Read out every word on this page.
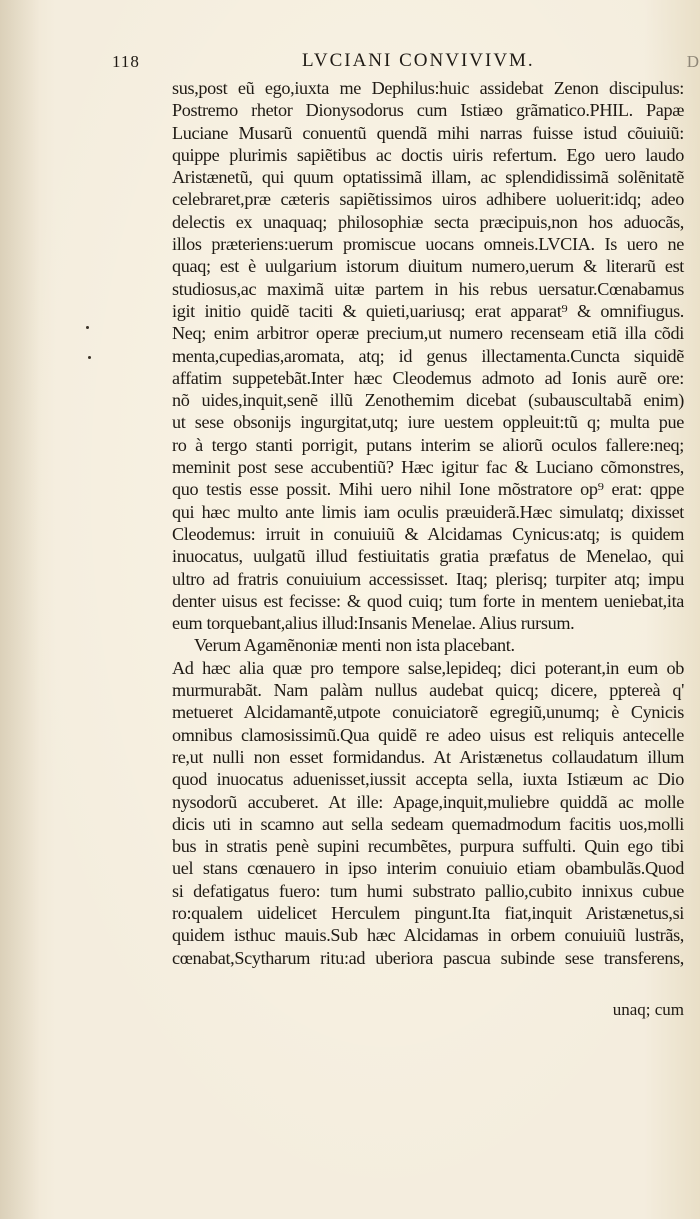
118	LVCIANI CONVIVIVM.	D
sus,post eũ ego,iuxta me Dephilus:huic assidebat Zenon discipulus:
Postremo rhetor Dionysodorus cum Istiæo grãmatico.PHIL. Papæ
Luciane Musarũ conuentũ quendã mihi narras fuisse istud cõuiuiũ:
quippe plurimis sapiẽtibus ac doctis uiris refertum. Ego uero laudo
Aristænetũ, qui quum optatissimã illam, ac splendidissimã solẽnitatẽ
celebraret,præ cæteris sapiẽtissimos uiros adhibere uoluerit:idq; adeo
delectis ex unaquaq; philosophiæ secta præcipuis,non hos aduocãs,
illos præteriens:uerum promiscue uocans omneis.LVCIA. Is uero ne
quaq; est è uulgarium istorum diuitum numero,uerum & literarũ est
studiosus,ac maximã uitæ partem in his rebus uersatur.Cœnabamus
igit initio quidẽ taciti & quieti,uariusq; erat apparat⁹ & omnifiugus.
Neq; enim arbitror operæ precium,ut numero recenseam etiã illa cõdi
menta,cupedias,aromata, atq; id genus illectamenta.Cuncta siquidẽ
affatim suppetebãt.Inter hæc Cleodemus admoto ad Ionis aurẽ ore:
nõ uides,inquit,senẽ illũ Zenothemim dicebat (subauscultabã enim)
ut sese obsonijs ingurgitat,utq; iure uestem oppleuit:tũ q; multa pue
ro à tergo stanti porrigit, putans interim se aliorũ oculos fallere:neq;
meminit post sese accubentiũ? Hæc igitur fac & Luciano cõmonstres,
quo testis esse possit. Mihi uero nihil Ione mõstratore op⁹ erat: qppe
qui hæc multo ante limis iam oculis præuiderã.Hæc simulatq; dixisset
Cleodemus: irruit in conuiuiũ & Alcidamas Cynicus:atq; is quidem
inuocatus, uulgatũ illud festiuitatis gratia præfatus de Menelao, qui
ultro ad fratris conuiuium accessisset. Itaq; plerisq; turpiter atq; impu
denter uisus est fecisse: & quod cuiq; tum forte in mentem ueniebat,ita
eum torquebant,alius illud:Insanis Menelae. Alius rursum.
Verum Agamẽnoniæ menti non ista placebant.
Ad hæc alia quæ pro tempore salse,lepideq; dici poterant,in eum ob
murmurabãt. Nam palàm nullus audebat quicq; dicere, pptereà q'
metueret Alcidamantẽ,utpote conuiciatorẽ egregiũ,unumq; è Cynicis
omnibus clamosissimũ.Qua quidẽ re adeo uisus est reliquis antecelle
re,ut nulli non esset formidandus. At Aristænetus collaudatum illum
quod inuocatus aduenisset,iussit accepta sella, iuxta Istiæum ac Dio
nysodorũ accuberet. At ille: Apage,inquit,muliebre quiddã ac molle
dicis uti in scamno aut sella sedeam quemadmodum facitis uos,molli
bus in stratis penè supini recumbẽtes, purpura suffulti. Quin ego tibi
uel stans cœnauero in ipso interim conuiuio etiam obambulãs.Quod
si defatigatus fuero: tum humi substrato pallio,cubito innixus cubue
ro:qualem uidelicet Herculem pingunt.Ita fiat,inquit Aristænetus,si
quidem isthuc mauis.Sub hæc Alcidamas in orbem conuiuiũ lustrãs,
cœnabat,Scytharum ritu:ad uberiora pascua subinde sese transferens,
unaq; cum
